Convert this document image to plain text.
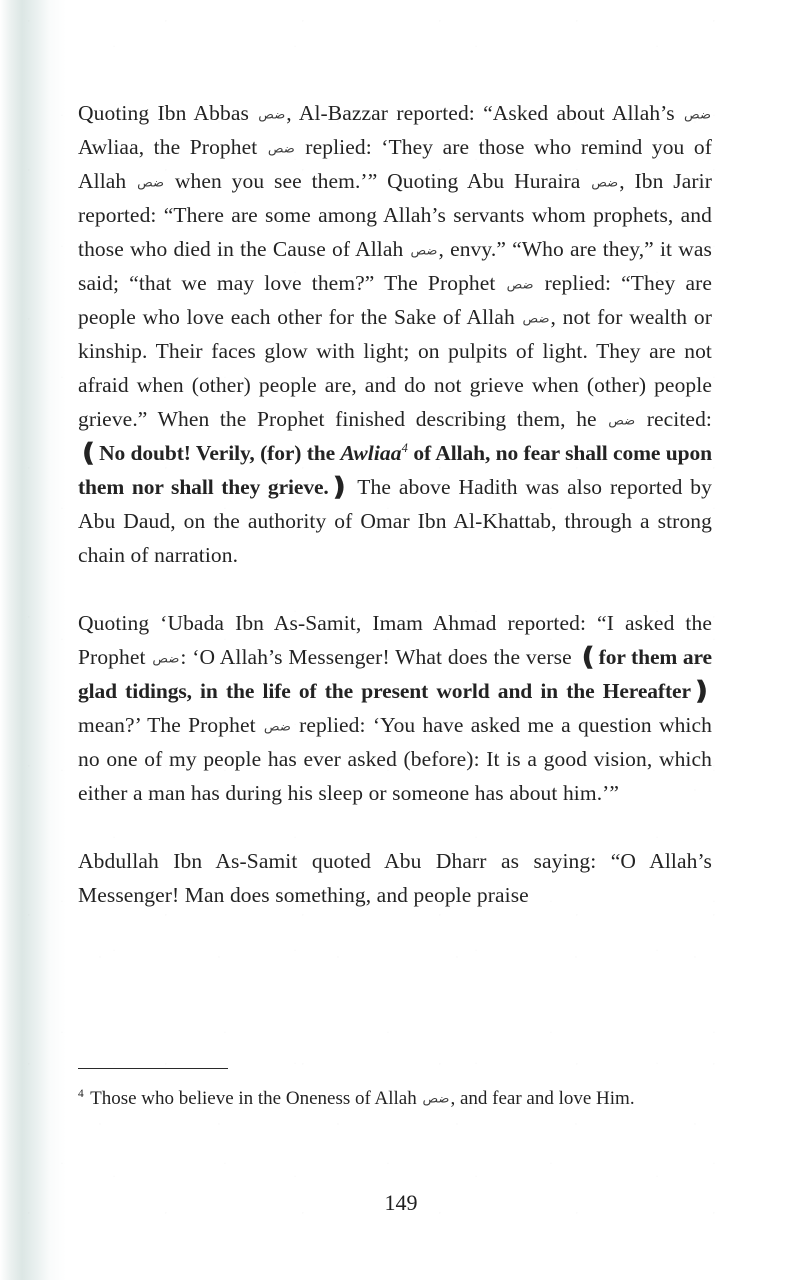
Quoting Ibn Abbas ضص, Al-Bazzar reported: “Asked about Allah’s ضص Awliaa, the Prophet ضص replied: ‘They are those who remind you of Allah ضص when you see them.’” Quoting Abu Huraira ضص, Ibn Jarir reported: “There are some among Allah’s servants whom prophets, and those who died in the Cause of Allah ضص, envy.” “Who are they,” it was said; “that we may love them?” The Prophet ضص replied: “They are people who love each other for the Sake of Allah ضص, not for wealth or kinship. Their faces glow with light; on pulpits of light. They are not afraid when (other) people are, and do not grieve when (other) people grieve.” When the Prophet finished describing them, he ضص recited: ❪No doubt! Verily, (for) the Awliaa$^4$ of Allah, no fear shall come upon them nor shall they grieve.❫ The above Hadith was also reported by Abu Daud, on the authority of Omar Ibn Al-Khattab, through a strong chain of narration.

Quoting ‘Ubada Ibn As-Samit, Imam Ahmad reported: “I asked the Prophet ضص: ‘O Allah’s Messenger! What does the verse ❪for them are glad tidings, in the life of the present world and in the Hereafter❫ mean?’ The Prophet ضص replied: ‘You have asked me a question which no one of my people has ever asked (before): It is a good vision, which either a man has during his sleep or someone has about him.’”

Abdullah Ibn As-Samit quoted Abu Dharr as saying: “O Allah’s Messenger! Man does something, and people praise

$^4$ Those who believe in the Oneness of Allah ضص, and fear and love Him.

149
